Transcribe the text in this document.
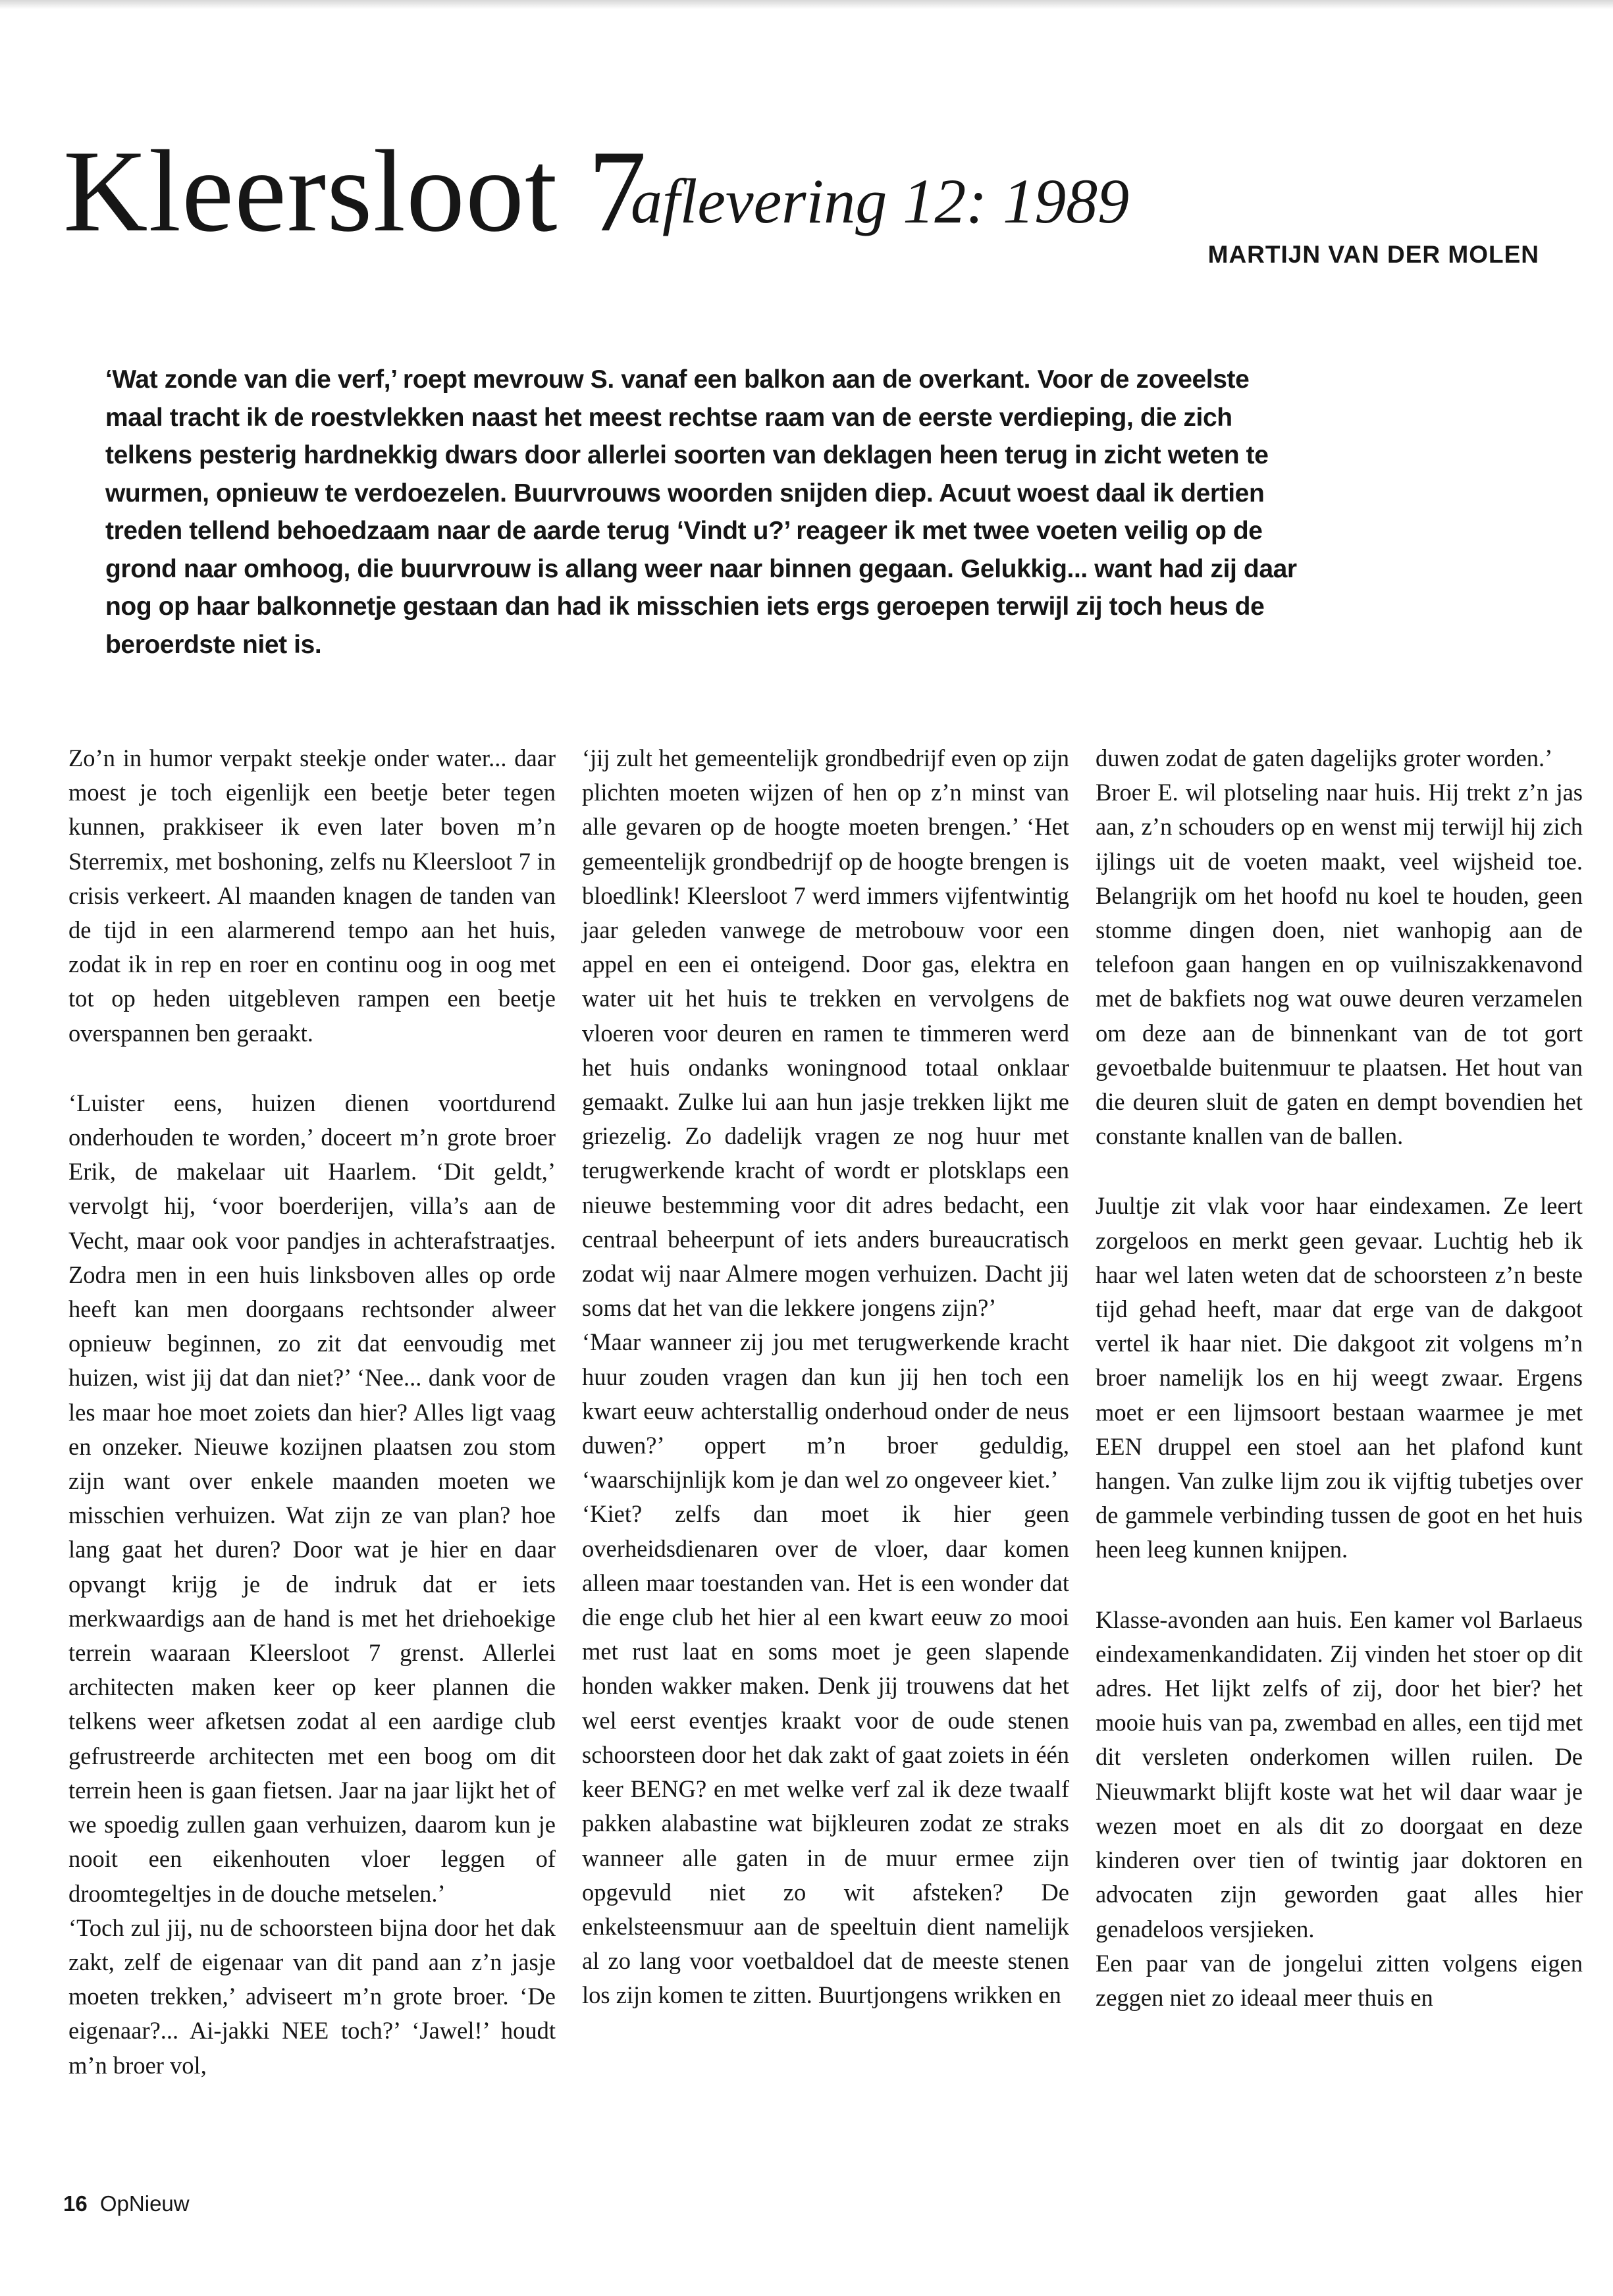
Kleersloot 7
aflevering 12: 1989
MARTIJN VAN DER MOLEN

‘Wat zonde van die verf,’ roept mevrouw S. vanaf een balkon aan de overkant. Voor de zoveelste maal tracht ik de roestvlekken naast het meest rechtse raam van de eerste verdieping, die zich telkens pesterig hardnekkig dwars door allerlei soorten van deklagen heen terug in zicht weten te wurmen, opnieuw te verdoezelen. Buurvrouws woorden snijden diep. Acuut woest daal ik dertien treden tellend behoedzaam naar de aarde terug ‘Vindt u?’ reageer ik met twee voeten veilig op de grond naar omhoog, die buurvrouw is allang weer naar binnen gegaan. Gelukkig... want had zij daar nog op haar balkonnetje gestaan dan had ik misschien iets ergs geroepen terwijl zij toch heus de beroerdste niet is.

Zo’n in humor verpakt steekje onder water... daar moest je toch eigenlijk een beetje beter tegen kunnen, prakkiseer ik even later boven m’n Sterremix, met boshoning, zelfs nu Kleersloot 7 in crisis verkeert. Al maanden knagen de tanden van de tijd in een alarmerend tempo aan het huis, zodat ik in rep en roer en continu oog in oog met tot op heden uitgebleven rampen een beetje overspannen ben geraakt.

‘Luister eens, huizen dienen voortdurend onderhouden te worden,’ doceert m’n grote broer Erik, de makelaar uit Haarlem. ‘Dit geldt,’ vervolgt hij, ‘voor boerderijen, villa’s aan de Vecht, maar ook voor pandjes in achterafstraatjes. Zodra men in een huis linksboven alles op orde heeft kan men doorgaans rechtsonder alweer opnieuw beginnen, zo zit dat eenvoudig met huizen, wist jij dat dan niet?’ ‘Nee... dank voor de les maar hoe moet zoiets dan hier? Alles ligt vaag en onzeker. Nieuwe kozijnen plaatsen zou stom zijn want over enkele maanden moeten we misschien verhuizen. Wat zijn ze van plan? hoe lang gaat het duren? Door wat je hier en daar opvangt krijg je de indruk dat er iets merkwaardigs aan de hand is met het driehoekige terrein waaraan Kleersloot 7 grenst. Allerlei architecten maken keer op keer plannen die telkens weer afketsen zodat al een aardige club gefrustreerde architecten met een boog om dit terrein heen is gaan fietsen. Jaar na jaar lijkt het of we spoedig zullen gaan verhuizen, daarom kun je nooit een eikenhouten vloer leggen of droomtegeltjes in de douche metselen.’

‘Toch zul jij, nu de schoorsteen bijna door het dak zakt, zelf de eigenaar van dit pand aan z’n jasje moeten trekken,’ adviseert m’n grote broer. ‘De eigenaar?... Ai-jakki NEE toch?’ ‘Jawel!’ houdt m’n broer vol,

‘jij zult het gemeentelijk grondbedrijf even op zijn plichten moeten wijzen of hen op z’n minst van alle gevaren op de hoogte moeten brengen.’ ‘Het gemeentelijk grondbedrijf op de hoogte brengen is bloedlink! Kleersloot 7 werd immers vijfentwintig jaar geleden vanwege de metrobouw voor een appel en een ei onteigend. Door gas, elektra en water uit het huis te trekken en vervolgens de vloeren voor deuren en ramen te timmeren werd het huis ondanks woningnood totaal onklaar gemaakt. Zulke lui aan hun jasje trekken lijkt me griezelig. Zo dadelijk vragen ze nog huur met terugwerkende kracht of wordt er plotsklaps een nieuwe bestemming voor dit adres bedacht, een centraal beheerpunt of iets anders bureaucratisch zodat wij naar Almere mogen verhuizen. Dacht jij soms dat het van die lekkere jongens zijn?’

‘Maar wanneer zij jou met terugwerkende kracht huur zouden vragen dan kun jij hen toch een kwart eeuw achterstallig onderhoud onder de neus duwen?’ oppert m’n broer geduldig, ‘waarschijnlijk kom je dan wel zo ongeveer kiet.’

‘Kiet? zelfs dan moet ik hier geen overheidsdienaren over de vloer, daar komen alleen maar toestanden van. Het is een wonder dat die enge club het hier al een kwart eeuw zo mooi met rust laat en soms moet je geen slapende honden wakker maken. Denk jij trouwens dat het wel eerst eventjes kraakt voor de oude stenen schoorsteen door het dak zakt of gaat zoiets in één keer BENG? en met welke verf zal ik deze twaalf pakken alabastine wat bijkleuren zodat ze straks wanneer alle gaten in de muur ermee zijn opgevuld niet zo wit afsteken? De enkelsteensmuur aan de speeltuin dient namelijk al zo lang voor voetbaldoel dat de meeste stenen los zijn komen te zitten. Buurtjongens wrikken en

duwen zodat de gaten dagelijks groter worden.’

Broer E. wil plotseling naar huis. Hij trekt z’n jas aan, z’n schouders op en wenst mij terwijl hij zich ijlings uit de voeten maakt, veel wijsheid toe. Belangrijk om het hoofd nu koel te houden, geen stomme dingen doen, niet wanhopig aan de telefoon gaan hangen en op vuilniszakkenavond met de bakfiets nog wat ouwe deuren verzamelen om deze aan de binnenkant van de tot gort gevoetbalde buitenmuur te plaatsen. Het hout van die deuren sluit de gaten en dempt bovendien het constante knallen van de ballen.

Juultje zit vlak voor haar eindexamen. Ze leert zorgeloos en merkt geen gevaar. Luchtig heb ik haar wel laten weten dat de schoorsteen z’n beste tijd gehad heeft, maar dat erge van de dakgoot vertel ik haar niet. Die dakgoot zit volgens m’n broer namelijk los en hij weegt zwaar. Ergens moet er een lijmsoort bestaan waarmee je met EEN druppel een stoel aan het plafond kunt hangen. Van zulke lijm zou ik vijftig tubetjes over de gammele verbinding tussen de goot en het huis heen leeg kunnen knijpen.

Klasse-avonden aan huis. Een kamer vol Barlaeus eindexamenkandidaten. Zij vinden het stoer op dit adres. Het lijkt zelfs of zij, door het bier? het mooie huis van pa, zwembad en alles, een tijd met dit versleten onderkomen willen ruilen. De Nieuwmarkt blijft koste wat het wil daar waar je wezen moet en als dit zo doorgaat en deze kinderen over tien of twintig jaar doktoren en advocaten zijn geworden gaat alles hier genadeloos versjieken.

Een paar van de jongelui zitten volgens eigen zeggen niet zo ideaal meer thuis en

16 OpNieuw
